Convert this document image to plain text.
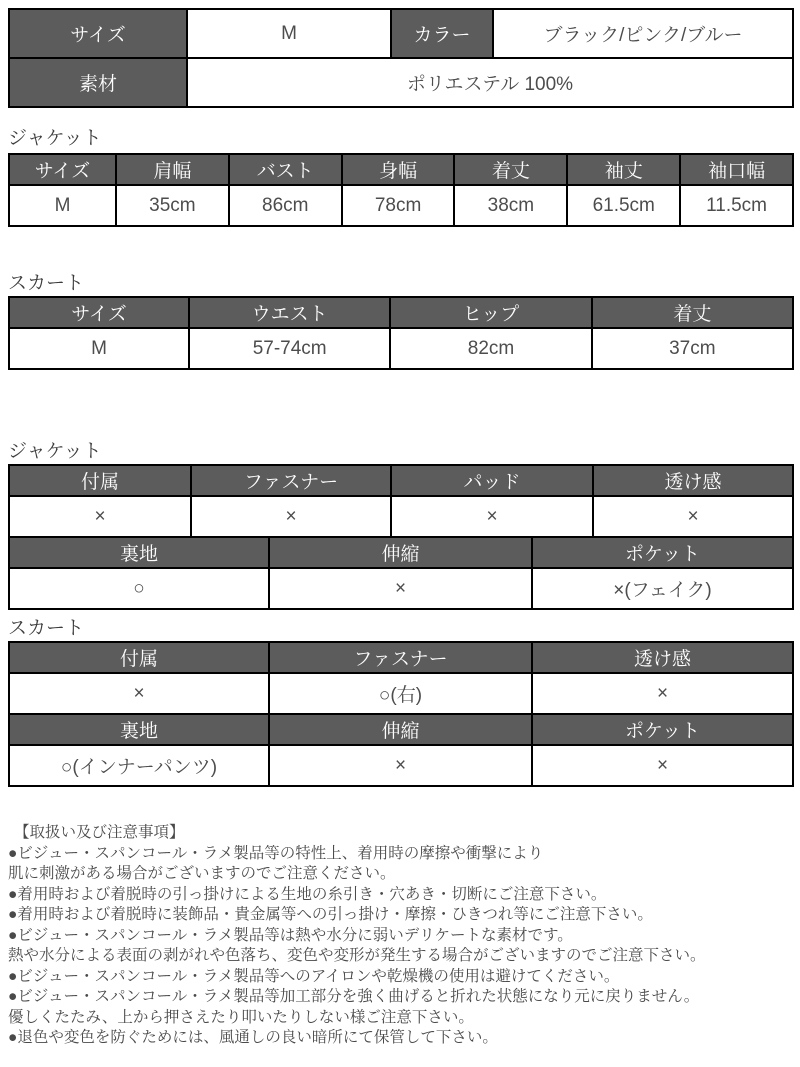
サイズ	M	カラー	ブラック/ピンク/ブルー
素材	ポリエステル 100%		
ジャケット
サイズ	肩幅	バスト	身幅	着丈	袖丈	袖口幅
M	35cm	86cm	78cm	38cm	61.5cm	11.5cm
スカート
サイズ	ウエスト	ヒップ	着丈
M	57-74cm	82cm	37cm
ジャケット
付属	ファスナー	パッド	透け感
×	×	×	×
裏地	伸縮	ポケット
○	×	×(フェイク)
スカート
付属	ファスナー	透け感
×	○(右)	×
裏地	伸縮	ポケット
○(インナーパンツ)	×	×
【取扱い及び注意事項】
●ビジュー・スパンコール・ラメ製品等の特性上、着用時の摩擦や衝撃により
肌に刺激がある場合がございますのでご注意ください。
●着用時および着脱時の引っ掛けによる生地の糸引き・穴あき・切断にご注意下さい。
●着用時および着脱時に装飾品・貴金属等への引っ掛け・摩擦・ひきつれ等にご注意下さい。
●ビジュー・スパンコール・ラメ製品等は熱や水分に弱いデリケートな素材です。
熱や水分による表面の剥がれや色落ち、変色や変形が発生する場合がございますのでご注意下さい。
●ビジュー・スパンコール・ラメ製品等へのアイロンや乾燥機の使用は避けてください。
●ビジュー・スパンコール・ラメ製品等加工部分を強く曲げると折れた状態になり元に戻りません。
優しくたたみ、上から押さえたり叩いたりしない様ご注意下さい。
●退色や変色を防ぐためには、風通しの良い暗所にて保管して下さい。
